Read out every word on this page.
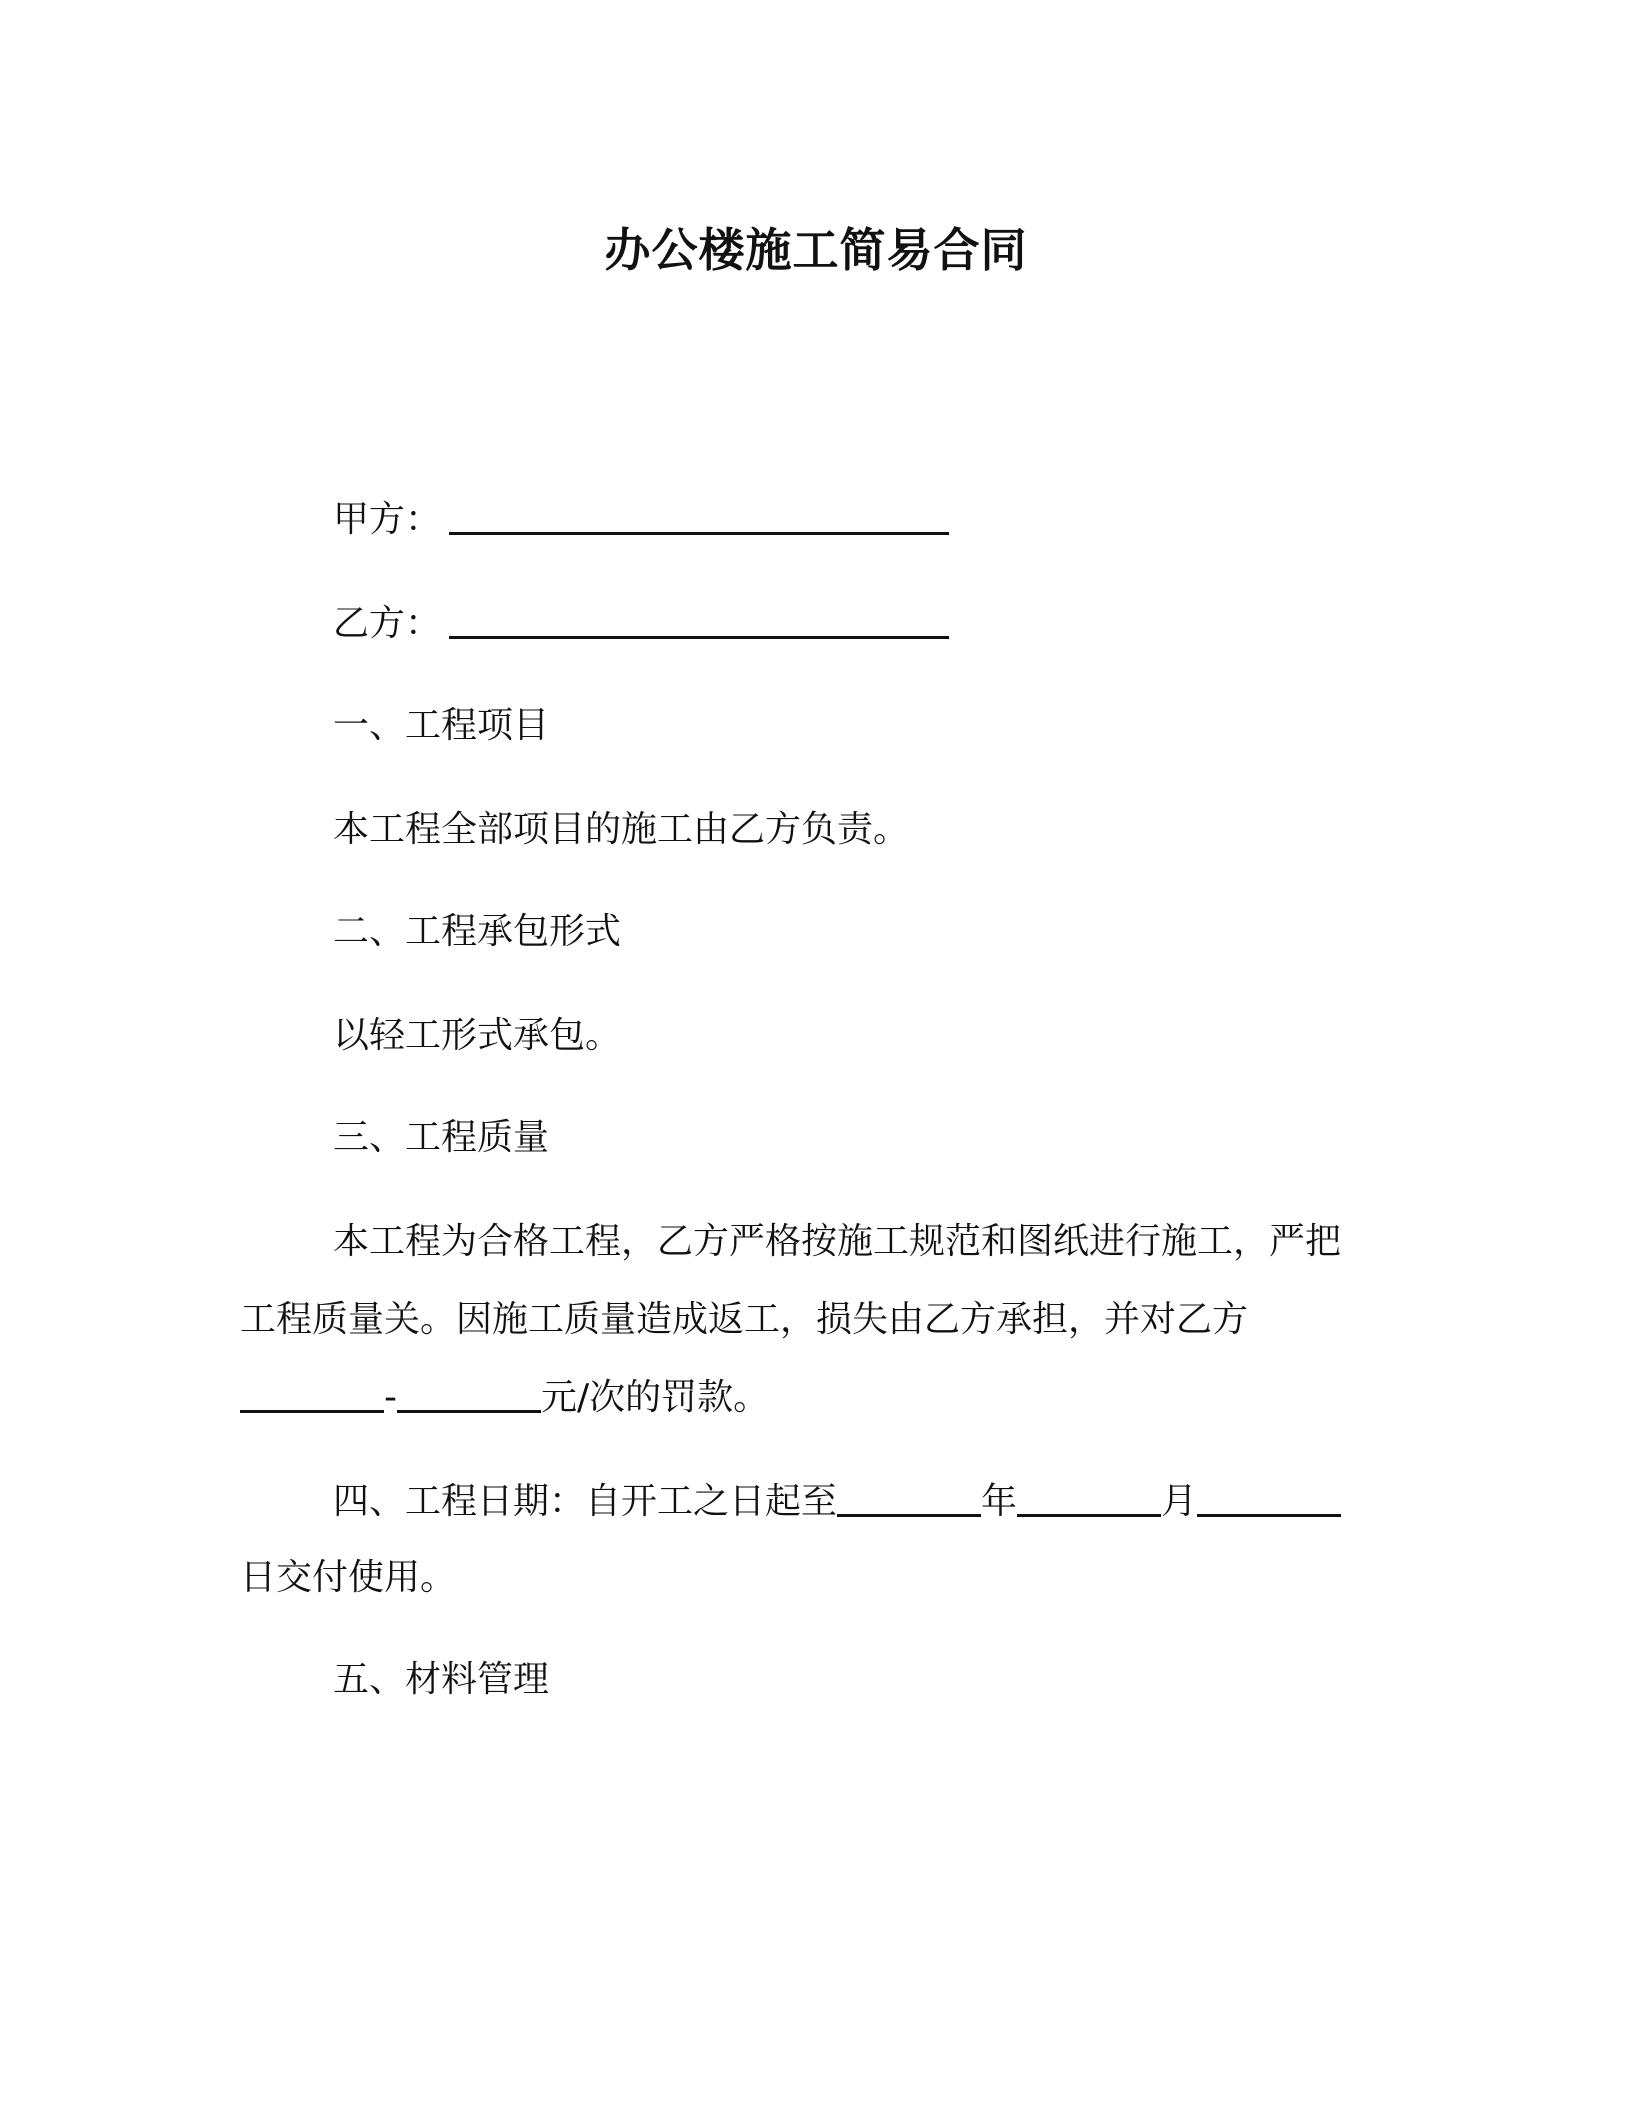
办公楼施工简易合同
甲方：
乙方：
一、工程项目
本工程全部项目的施工由乙方负责。
二、工程承包形式
以轻工形式承包。
三、工程质量
本工程为合格工程，乙方严格按施工规范和图纸进行施工，严把
工程质量关。因施工质量造成返工，损失由乙方承担，并对乙方
-	元/次的罚款。
四、工程日期：自开工之日起至	年	月
日交付使用。
五、材料管理
